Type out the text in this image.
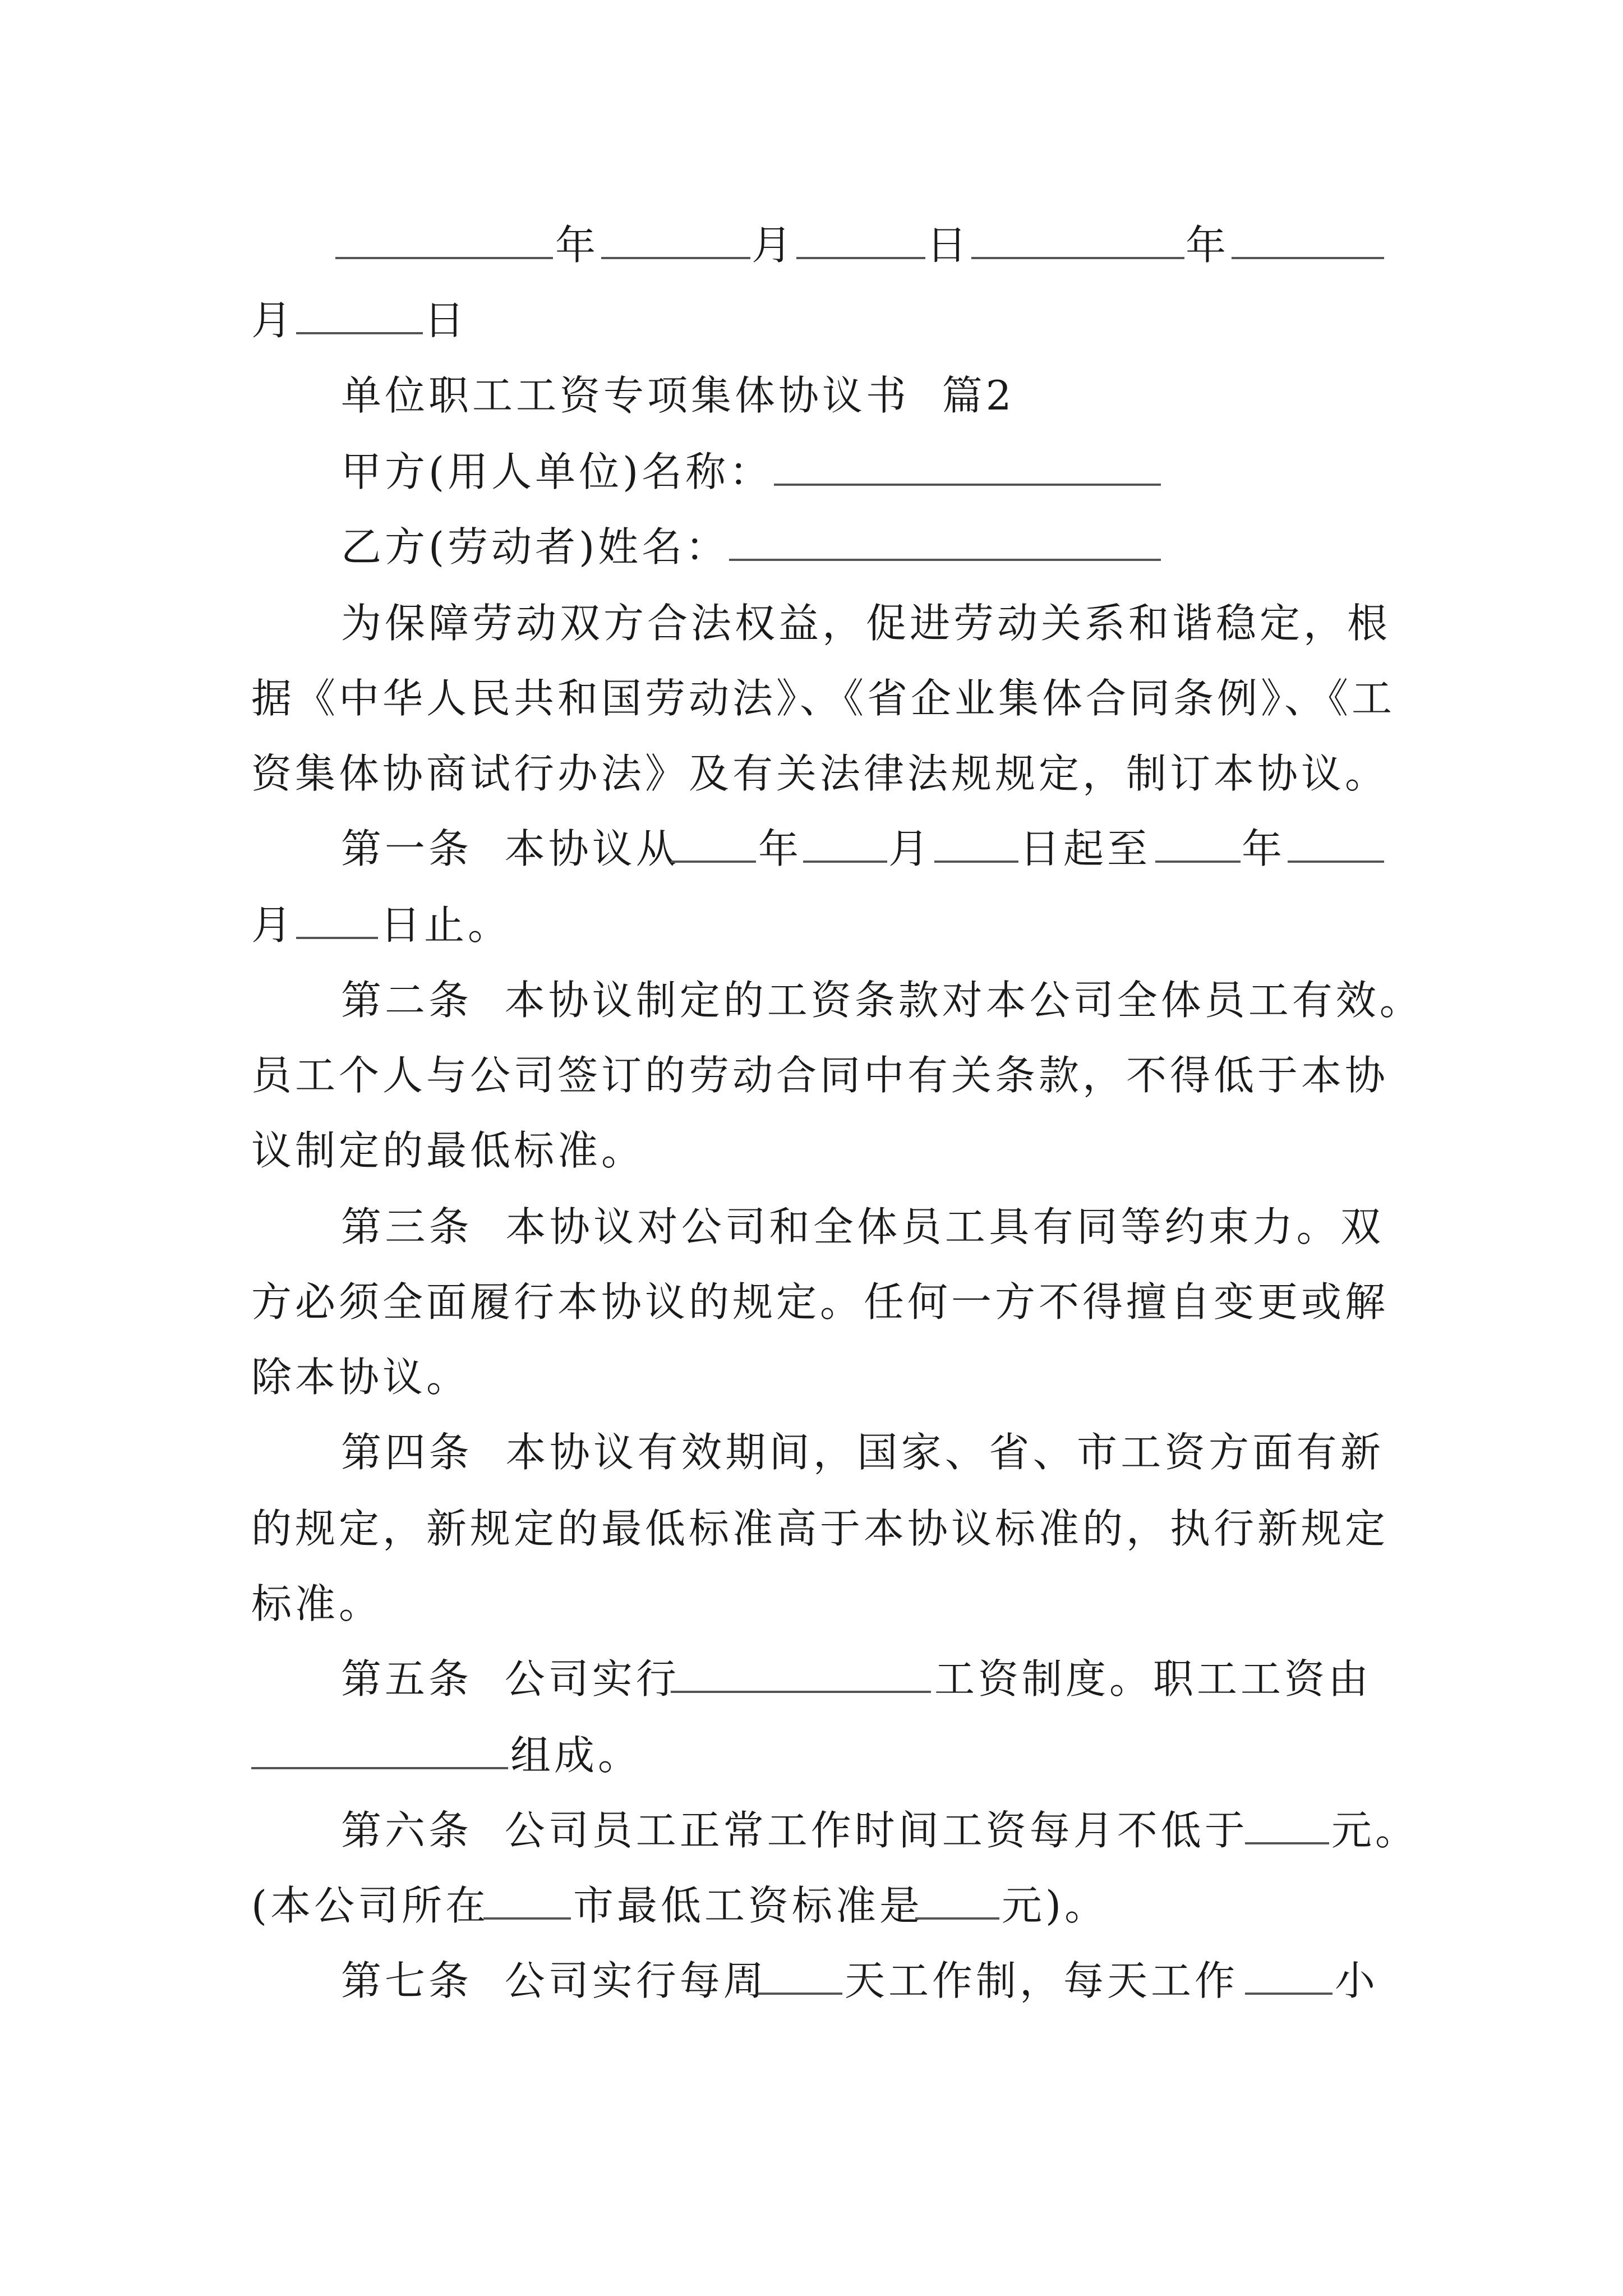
年	月	日	年
月	日
单位职工工资专项集体协议书  篇2
甲方(用人单位)名称：
乙方(劳动者)姓名：
为保障劳动双方合法权益，促进劳动关系和谐稳定，根
据《中华人民共和国劳动法》、《省企业集体合同条例》、《工
资集体协商试行办法》及有关法律法规规定，制订本协议。
第一条  本协议从 年 月 日起至 年
月 日止。
第二条  本协议制定的工资条款对本公司全体员工有效。
员工个人与公司签订的劳动合同中有关条款，不得低于本协
议制定的最低标准。
第三条  本协议对公司和全体员工具有同等约束力。双
方必须全面履行本协议的规定。任何一方不得擅自变更或解
除本协议。
第四条  本协议有效期间，国家、省、市工资方面有新
的规定，新规定的最低标准高于本协议标准的，执行新规定
标准。
第五条  公司实行	工资制度。职工工资由
组成。
第六条  公司员工正常工作时间工资每月不低于 元。
(本公司所在 市最低工资标准是 元)。
第七条  公司实行每周 天工作制，每天工作 小
